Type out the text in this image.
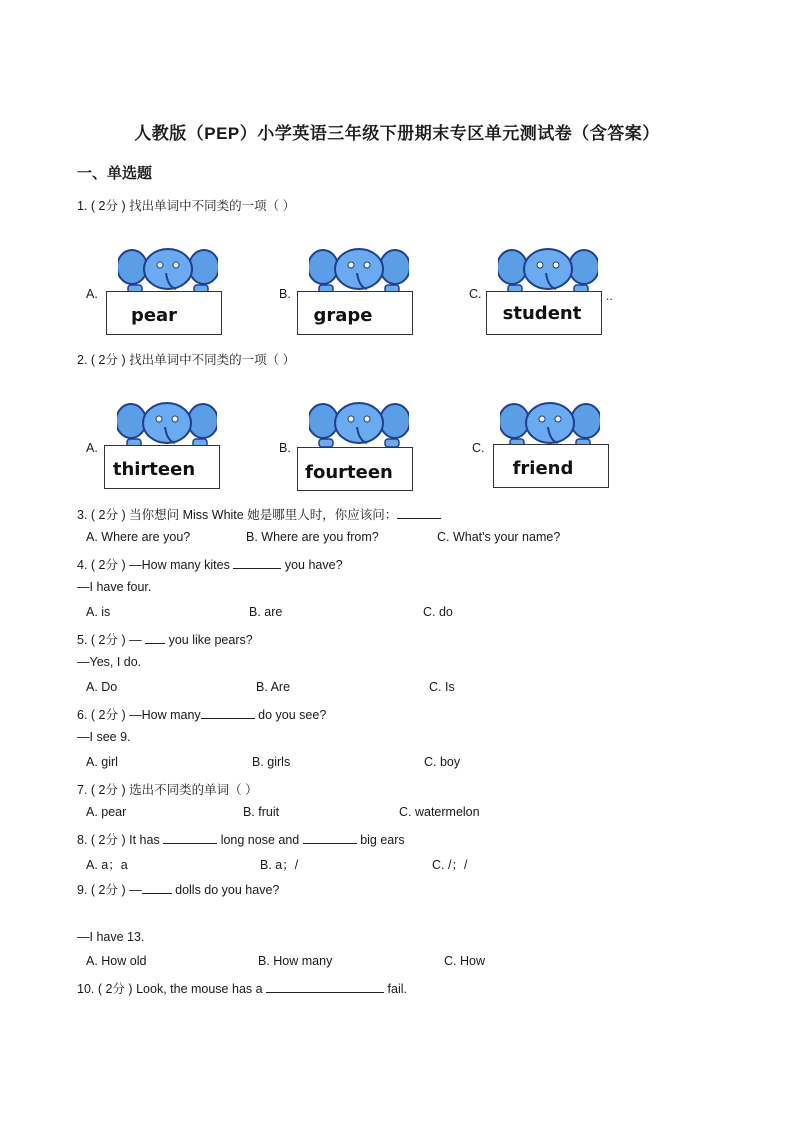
人教版（PEP）小学英语三年级下册期末专区单元测试卷（含答案）
一、单选题
1. ( 2分 ) 找出单词中不同类的一项（ ）
A.
pear
B.
grape
C.
student
..
2. ( 2分 ) 找出单词中不同类的一项（ ）
A.
thirteen
B.
fourteen
C.
friend
3. ( 2分 ) 当你想问 Miss White 她是哪里人时，你应该问：
A. Where are you?	B. Where are you from?	C. What's your name?
4. ( 2分 ) —How many kites	you have?
—I have four.
A. is	B. are	C. do
5. ( 2分 ) — you like pears?
—Yes, I do.
A. Do	B. Are	C. Is
6. ( 2分 ) —How many	do you see?
—I see 9.
A. girl	B. girls	C. boy
7. ( 2分 ) 选出不同类的单词（ ）
A. pear	B. fruit	C. watermelon
8. ( 2分 ) It has	long nose and	big ears
A. a；a	B. a；/	C. /；/
9. ( 2分 ) —	dolls do you have?
—I have 13.
A. How old	B. How many	C. How
10. ( 2分 ) Look, the mouse has a	fail.
